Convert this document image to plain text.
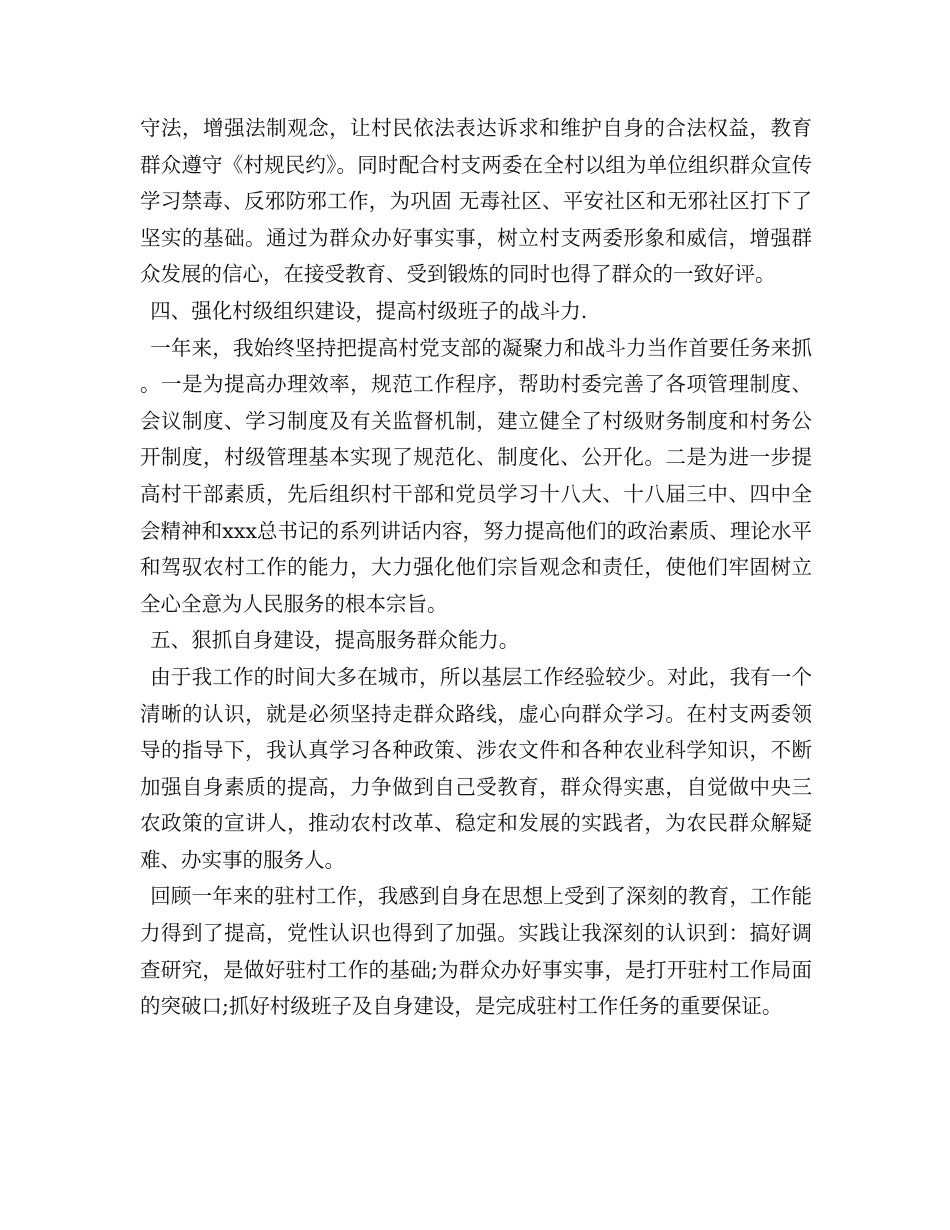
守法，增强法制观念，让村民依法表达诉求和维护自身的合法权益，教育群众遵守《村规民约》。同时配合村支两委在全村以组为单位组织群众宣传学习禁毒、反邪防邪工作，为巩固 无毒社区、平安社区和无邪社区打下了坚实的基础。通过为群众办好事实事，树立村支两委形象和威信，增强群众发展的信心，在接受教育、受到锻炼的同时也得了群众的一致好评。

四、强化村级组织建设，提高村级班子的战斗力.

一年来，我始终坚持把提高村党支部的凝聚力和战斗力当作首要任务来抓。一是为提高办理效率，规范工作程序，帮助村委完善了各项管理制度、会议制度、学习制度及有关监督机制，建立健全了村级财务制度和村务公开制度，村级管理基本实现了规范化、制度化、公开化。二是为进一步提高村干部素质，先后组织村干部和党员学习十八大、十八届三中、四中全会精神和xxx总书记的系列讲话内容，努力提高他们的政治素质、理论水平和驾驭农村工作的能力，大力强化他们宗旨观念和责任，使他们牢固树立全心全意为人民服务的根本宗旨。

五、狠抓自身建设，提高服务群众能力。

由于我工作的时间大多在城市，所以基层工作经验较少。对此，我有一个清晰的认识，就是必须坚持走群众路线，虚心向群众学习。在村支两委领导的指导下，我认真学习各种政策、涉农文件和各种农业科学知识，不断加强自身素质的提高，力争做到自己受教育，群众得实惠，自觉做中央三农政策的宣讲人，推动农村改革、稳定和发展的实践者，为农民群众解疑难、办实事的服务人。

回顾一年来的驻村工作，我感到自身在思想上受到了深刻的教育，工作能力得到了提高，党性认识也得到了加强。实践让我深刻的认识到：搞好调查研究，是做好驻村工作的基础;为群众办好事实事，是打开驻村工作局面的突破口;抓好村级班子及自身建设，是完成驻村工作任务的重要保证。
